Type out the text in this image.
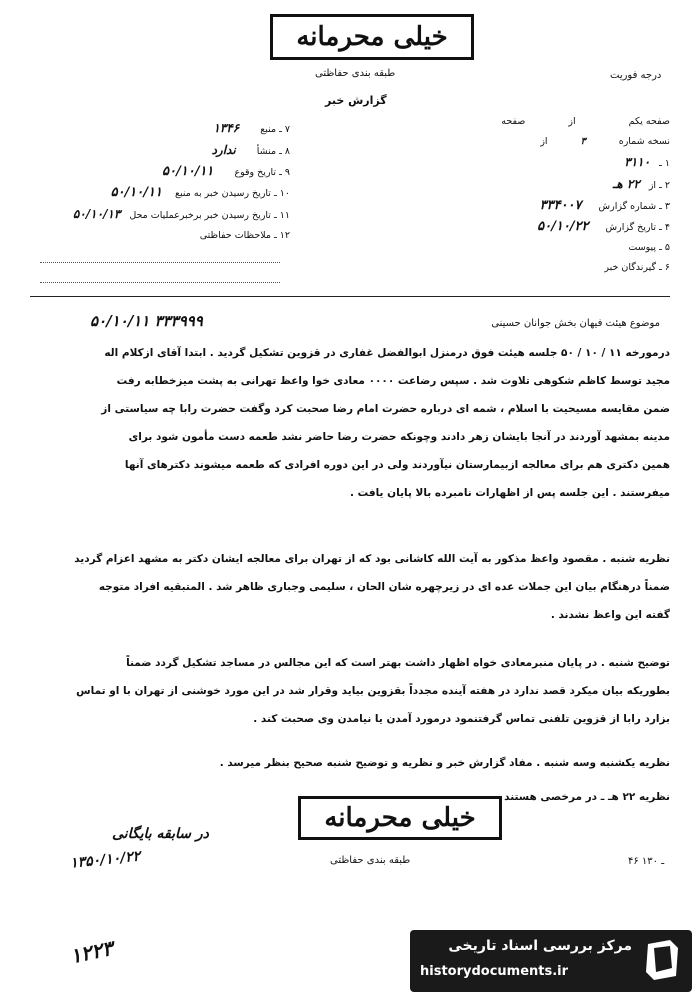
خیلی محرمانه
طبقه بندی حفاظتی	درجه فوریت
گزارش خبر
۷ ـ منبع ۱۳۴۶
۸ ـ منشأ ندارد
۹ ـ تاریخ وقوع ۵۰/۱۰/۱۱
۱۰ ـ تاریخ رسیدن خبر به منبع ۵۰/۱۰/۱۱
۱۱ ـ تاریخ رسیدن خبر برخبرعملیات محل ۵۰/۱۰/۱۳
۱۲ ـ ملاحظات حفاظتی
صفحه یکم از صفحه
نسخه شماره ۳ از
۱ ـ ۳۱۱۰
۲ ـ از ۲۲ هـ
۳ ـ شماره گزارش ۳۳۴۰۰۷
۴ ـ تاریخ گزارش ۵۰/۱۰/۲۲
۵ ـ پیوست
۶ ـ گیرندگان خبر
موضوع هیئت فیهان بخش جوانان حسینی
۵۰/۱۰/۱۱ ۳۳۳۹۹۹
درمورخه ۱۱ / ۱۰ / ۵۰ جلسه هیئت فوق درمنزل ابوالفضل غفاری در قزوین تشکیل گردید . ابتدا آقای ازکلام اله
مجید توسط کاظم شکوهی تلاوت شد . سپس رضاعت ۰۰۰۰ معادی خوا واعظ تهرانی به پشت میزخطابه رفت
ضمن مقایسه مسیحیت با اسلام ، شمه ای درباره حضرت امام رضا صحبت کرد وگفت حضرت رابا چه سیاستی از
مدینه بمشهد آوردند در آنجا بایشان زهر دادند وچونکه حضرت رضا حاضر نشد طعمه دست مأمون شود برای
همین دکتری هم برای معالجه ازبیمارستان نیآوردند ولی در این دوره افرادی که طعمه میشوند دکترهای آنها
میفرستند . این جلسه پس از اظهارات نامبرده بالا پایان یافت .
نظریه شنبه . مقصود واعظ مذکور به آیت الله کاشانی بود که از تهران برای معالجه ایشان دکتر به مشهد اعزام گردید
ضمناً درهنگام بیان این جملات عده ای در زیرچهره شان الحان ، سلیمی وجباری ظاهر شد . المتبقیه افراد متوجه
گفته این واعظ نشدند .
توضیح شنبه . در پایان منبرمعادی خواه اظهار داشت بهتر است که این مجالس در مساجد تشکیل گردد ضمناً
بطوریکه بیان میکرد قصد ندارد در هفته آینده مجدداً بقزوین بیاید وقرار شد در این مورد خوشنی از تهران با او تماس
بزارد رابا از قزوین تلفنی تماس گرفتنمود درمورد آمدن یا نیامدن وی صحبت کند .
نظریه یکشنبه وسه شنبه . مفاد گزارش خبر و نظریه و توضیح شنبه صحیح بنظر میرسد .
نظریه ۲۲ هـ ـ در مرخصی هستند
خیلی محرمانه
طبقه بندی حفاظتی	۴۶ ـ ۱۳۰
در سابقه بایگانی
۱۳۵۰/۱۰/۲۲
۱۲۲۳	مرکز بررسی اسناد تاریخی
historydocuments.ir
